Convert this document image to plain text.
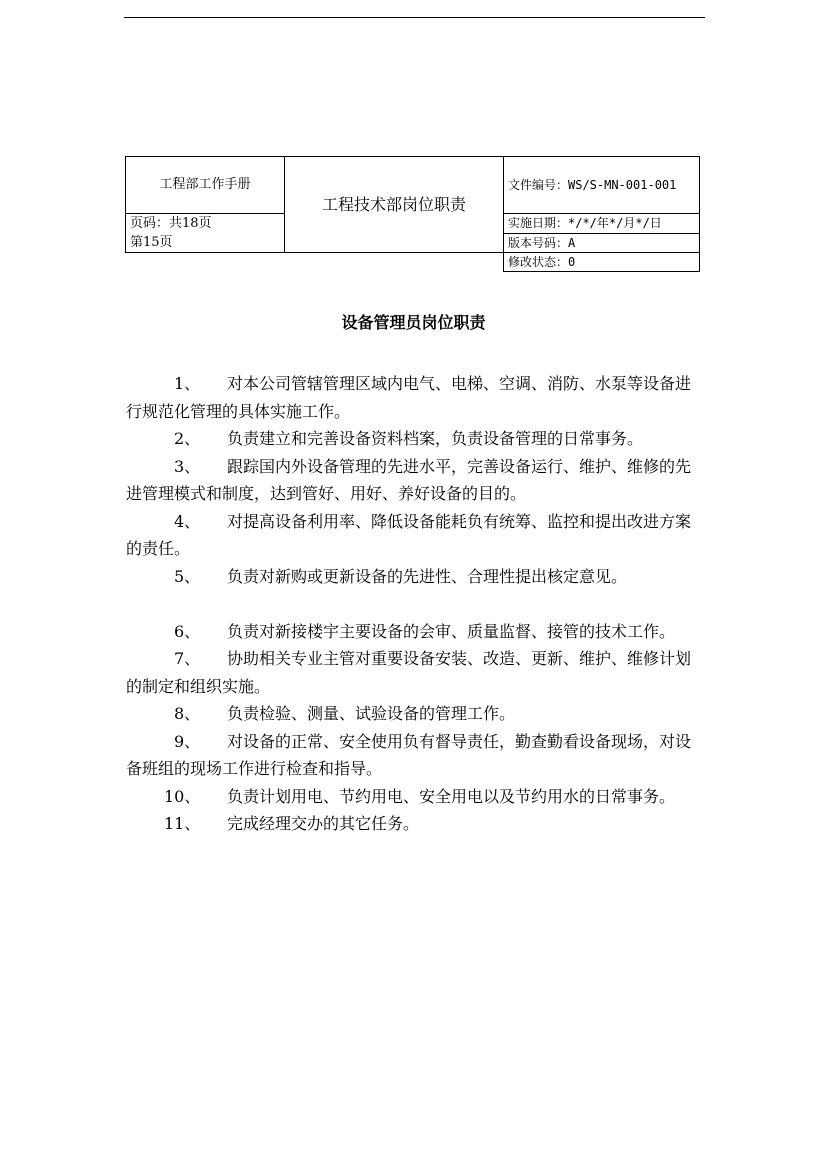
工程部工作手册	工程技术部岗位职责	文件编号：WS/S-MN-001-001

页码：共18页
第15页		实施日期：*/*/年*/月*/日
		版本号码：A
		修改状态：0
设备管理员岗位职责

1、 对本公司管辖管理区域内电气、电梯、空调、消防、水泵等设备进行规范化管理的具体实施工作。

2、 负责建立和完善设备资料档案，负责设备管理的日常事务。

3、 跟踪国内外设备管理的先进水平，完善设备运行、维护、维修的先进管理模式和制度，达到管好、用好、养好设备的目的。

4、 对提高设备利用率、降低设备能耗负有统筹、监控和提出改进方案的责任。

5、 负责对新购或更新设备的先进性、合理性提出核定意见。

6、 负责对新接楼宇主要设备的会审、质量监督、接管的技术工作。

7、 协助相关专业主管对重要设备安装、改造、更新、维护、维修计划的制定和组织实施。

8、 负责检验、测量、试验设备的管理工作。

9、 对设备的正常、安全使用负有督导责任，勤查勤看设备现场，对设备班组的现场工作进行检查和指导。

10、 负责计划用电、节约用电、安全用电以及节约用水的日常事务。

11、 完成经理交办的其它任务。
